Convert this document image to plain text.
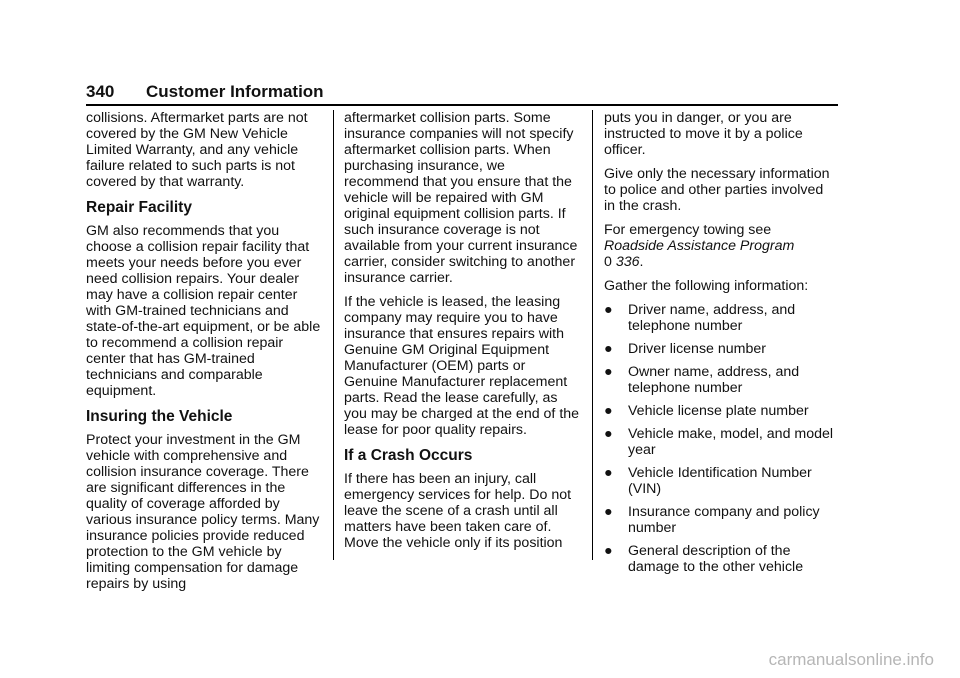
340 Customer Information

collisions. Aftermarket parts are not covered by the GM New Vehicle Limited Warranty, and any vehicle failure related to such parts is not covered by that warranty.

Repair Facility

GM also recommends that you choose a collision repair facility that meets your needs before you ever need collision repairs. Your dealer may have a collision repair center with GM-trained technicians and state-of-the-art equipment, or be able to recommend a collision repair center that has GM-trained technicians and comparable equipment.

Insuring the Vehicle

Protect your investment in the GM vehicle with comprehensive and collision insurance coverage. There are significant differences in the quality of coverage afforded by various insurance policy terms. Many insurance policies provide reduced protection to the GM vehicle by limiting compensation for damage repairs by using

aftermarket collision parts. Some insurance companies will not specify aftermarket collision parts. When purchasing insurance, we recommend that you ensure that the vehicle will be repaired with GM original equipment collision parts. If such insurance coverage is not available from your current insurance carrier, consider switching to another insurance carrier.

If the vehicle is leased, the leasing company may require you to have insurance that ensures repairs with Genuine GM Original Equipment Manufacturer (OEM) parts or Genuine Manufacturer replacement parts. Read the lease carefully, as you may be charged at the end of the lease for poor quality repairs.

If a Crash Occurs

If there has been an injury, call emergency services for help. Do not leave the scene of a crash until all matters have been taken care of. Move the vehicle only if its position

puts you in danger, or you are instructed to move it by a police officer.

Give only the necessary information to police and other parties involved in the crash.

For emergency towing see
Roadside Assistance Program
0 336.

Gather the following information:

● Driver name, address, and telephone number
● Driver license number
● Owner name, address, and telephone number
● Vehicle license plate number
● Vehicle make, model, and model year
● Vehicle Identification Number (VIN)
● Insurance company and policy number
● General description of the damage to the other vehicle
carmanualsonline.info
